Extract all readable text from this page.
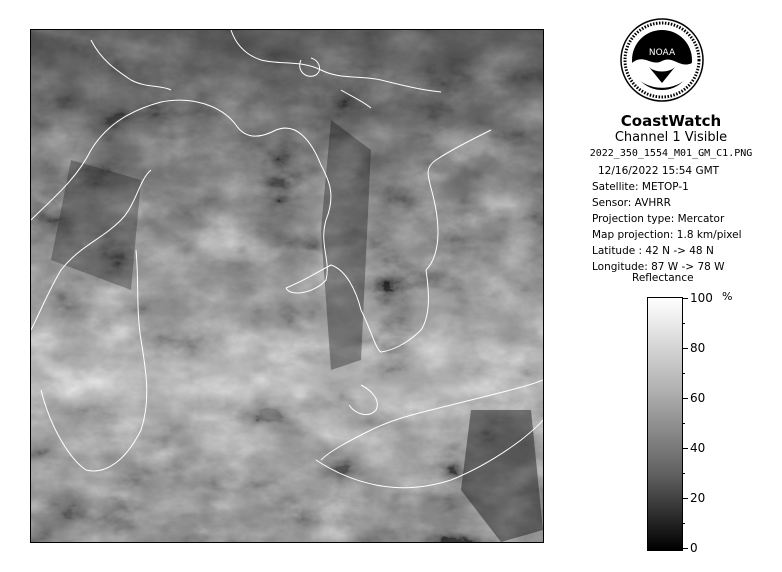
NOAA
CoastWatch
Channel 1 Visible
2022_350_1554_M01_GM_C1.PNG
12/16/2022 15:54 GMT
Satellite: METOP-1
Sensor: AVHRR
Projection type: Mercator
Map projection: 1.8 km/pixel
Latitude : 42 N -> 48 N
Longitude: 87 W -> 78 W
Reflectance
%
100
80
60
40
20
0
